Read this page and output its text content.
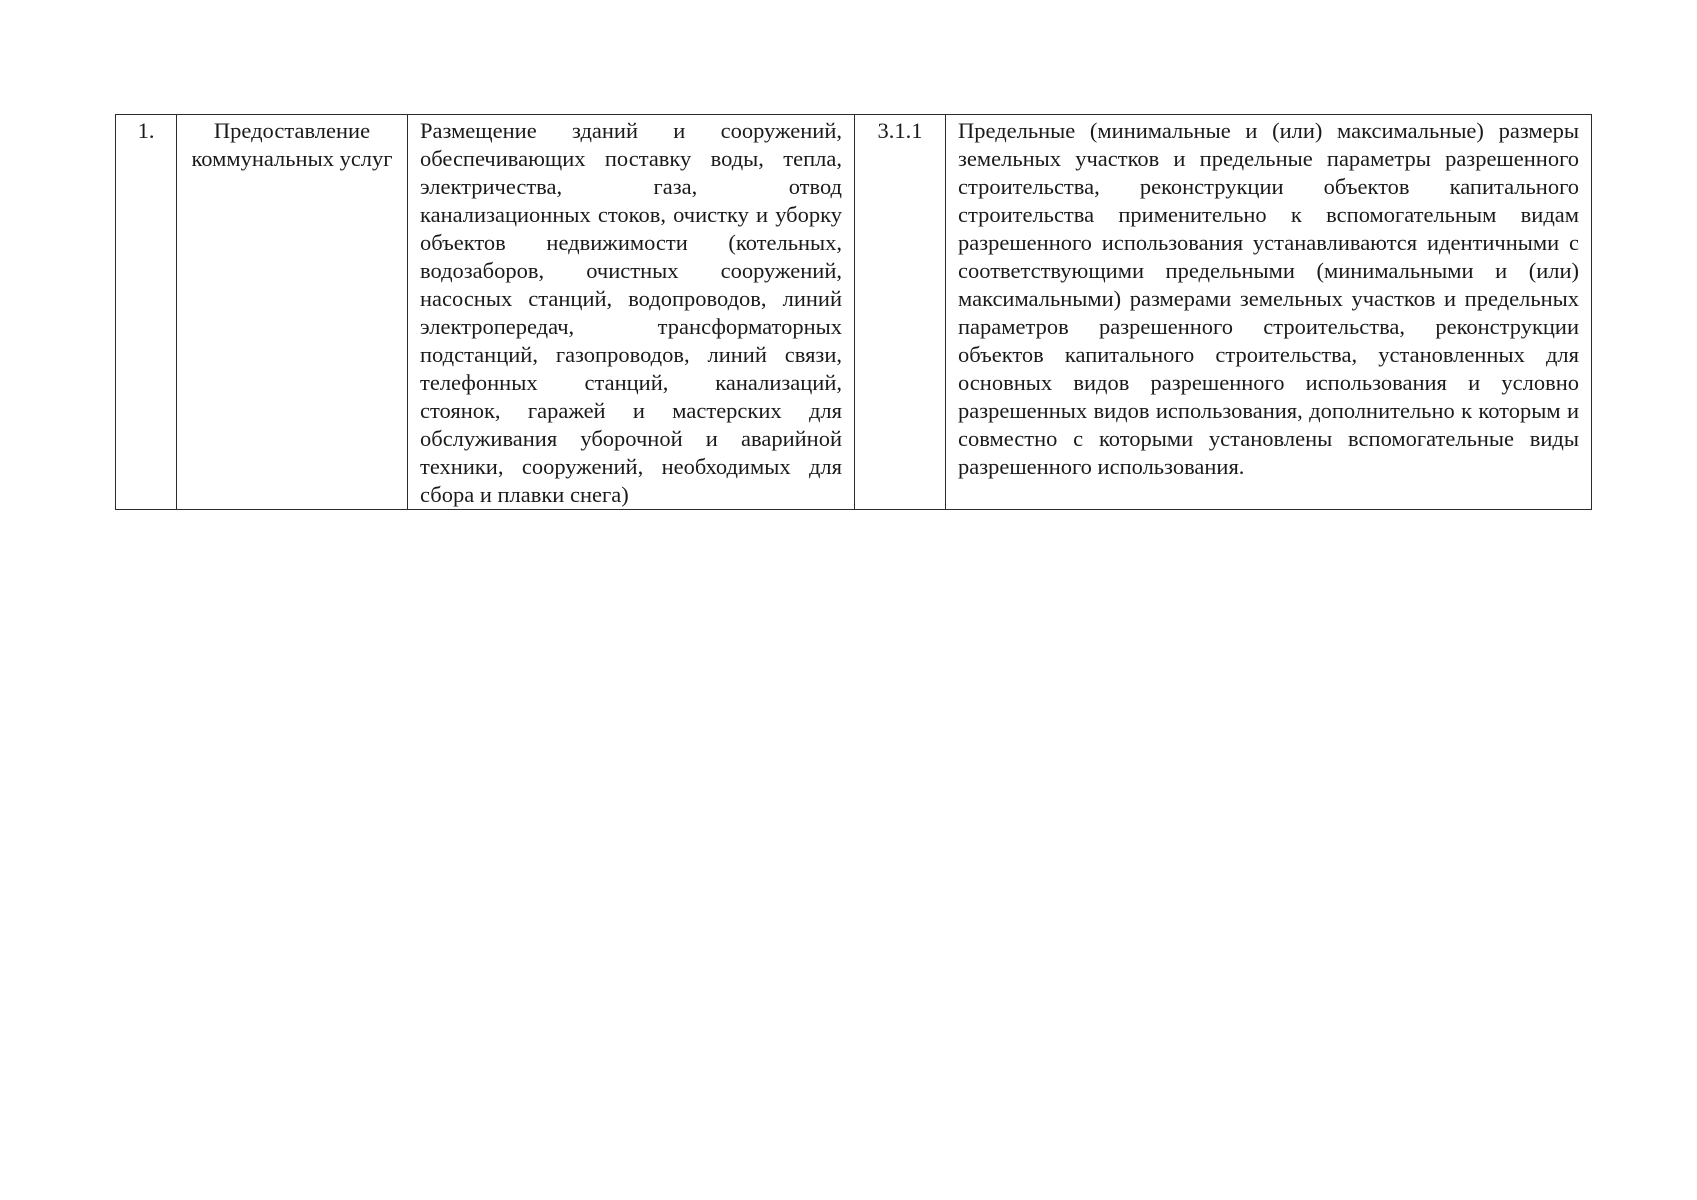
1.	Предоставление коммунальных услуг	Размещение зданий и сооружений, обеспечивающих поставку воды, тепла, электричества, газа, отвод канализационных стоков, очистку и уборку объектов недвижимости (котельных, водозаборов, очистных сооружений, насосных станций, водопроводов, линий электропередач, трансформаторных подстанций, газопроводов, линий связи, телефонных станций, канализаций, стоянок, гаражей и мастерских для обслуживания уборочной и аварийной техники, сооружений, необходимых для сбора и плавки снега)	3.1.1	Предельные (минимальные и (или) максимальные) размеры земельных участков и предельные параметры разрешенного строительства, реконструкции объектов капитального строительства применительно к вспомогательным видам разрешенного использования устанавливаются идентичными с соответствующими предельными (минимальными и (или) максимальными) размерами земельных участков и предельных параметров разрешенного строительства, реконструкции объектов капитального строительства, установленных для основных видов разрешенного использования и условно разрешенных видов использования, дополнительно к которым и совместно с которыми установлены вспомогательные виды разрешенного использования.
